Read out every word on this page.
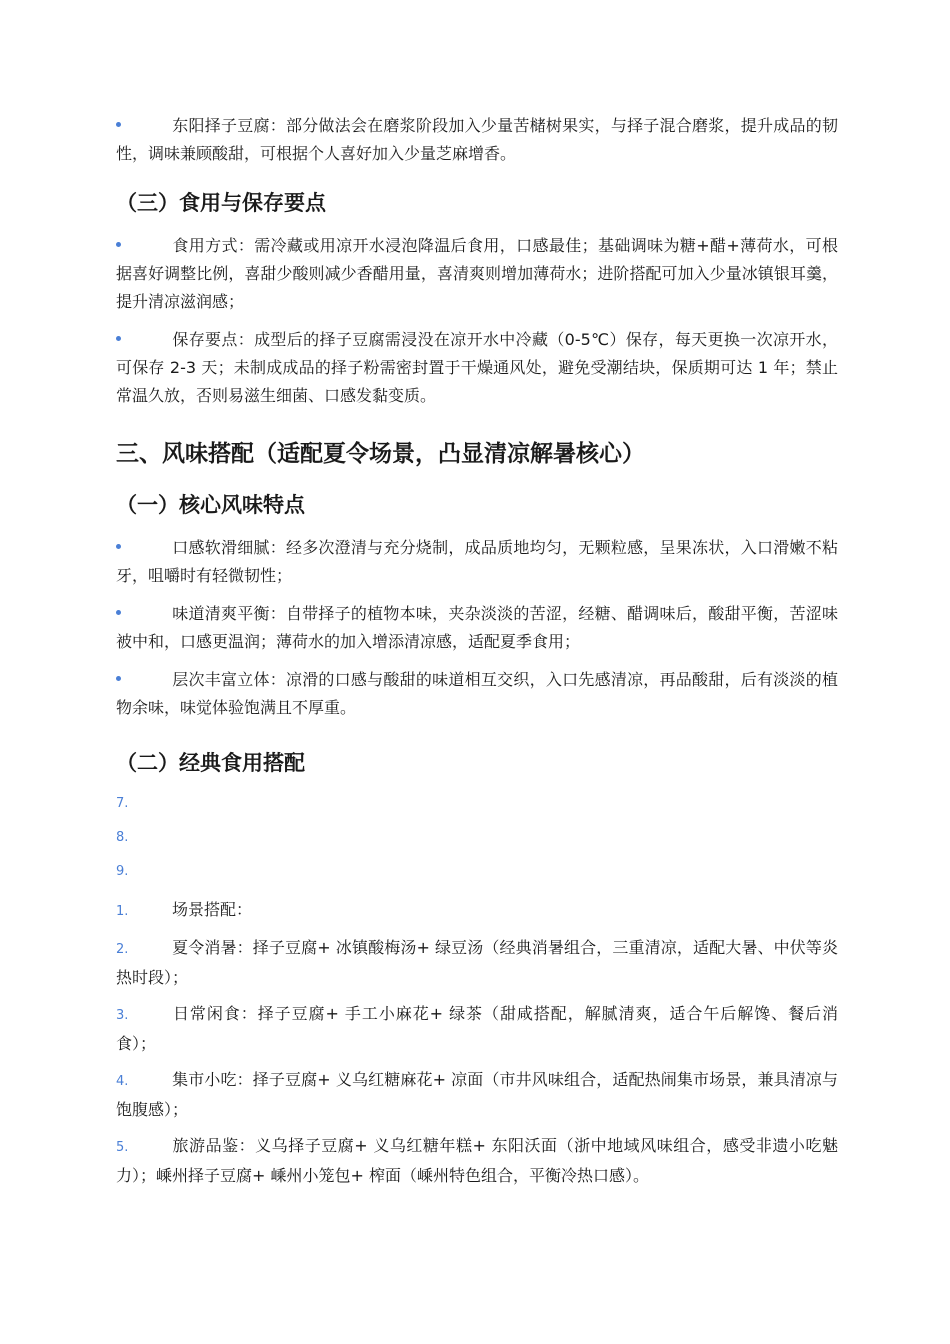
东阳择子豆腐：部分做法会在磨浆阶段加入少量苦槠树果实，与择子混合磨浆，提升成品的韧性，调味兼顾酸甜，可根据个人喜好加入少量芝麻增香。

（三）食用与保存要点

食用方式：需冷藏或用凉开水浸泡降温后食用，口感最佳；基础调味为糖+醋+薄荷水，可根据喜好调整比例，喜甜少酸则减少香醋用量，喜清爽则增加薄荷水；进阶搭配可加入少量冰镇银耳羹，提升清凉滋润感；

保存要点：成型后的择子豆腐需浸没在凉开水中冷藏（0-5℃）保存，每天更换一次凉开水，可保存 2-3 天；未制成成品的择子粉需密封置于干燥通风处，避免受潮结块，保质期可达 1 年；禁止常温久放，否则易滋生细菌、口感发黏变质。

三、风味搭配（适配夏令场景，凸显清凉解暑核心）
（一）核心风味特点

口感软滑细腻：经多次澄清与充分烧制，成品质地均匀，无颗粒感，呈果冻状，入口滑嫩不粘牙，咀嚼时有轻微韧性；

味道清爽平衡：自带择子的植物本味，夹杂淡淡的苦涩，经糖、醋调味后，酸甜平衡，苦涩味被中和，口感更温润；薄荷水的加入增添清凉感，适配夏季食用；

层次丰富立体：凉滑的口感与酸甜的味道相互交织，入口先感清凉，再品酸甜，后有淡淡的植物余味，味觉体验饱满且不厚重。

（二）经典食用搭配
7.
8.
9.

1.	场景搭配：

2.	夏令消暑：择子豆腐+ 冰镇酸梅汤+ 绿豆汤（经典消暑组合，三重清凉，适配大暑、中伏等炎热时段）；

3.	日常闲食：择子豆腐+ 手工小麻花+ 绿茶（甜咸搭配，解腻清爽，适合午后解馋、餐后消食）；

4.	集市小吃：择子豆腐+ 义乌红糖麻花+ 凉面（市井风味组合，适配热闹集市场景，兼具清凉与饱腹感）；

5.	旅游品鉴：义乌择子豆腐+ 义乌红糖年糕+ 东阳沃面（浙中地域风味组合，感受非遗小吃魅力）；嵊州择子豆腐+ 嵊州小笼包+ 榨面（嵊州特色组合，平衡冷热口感）。
